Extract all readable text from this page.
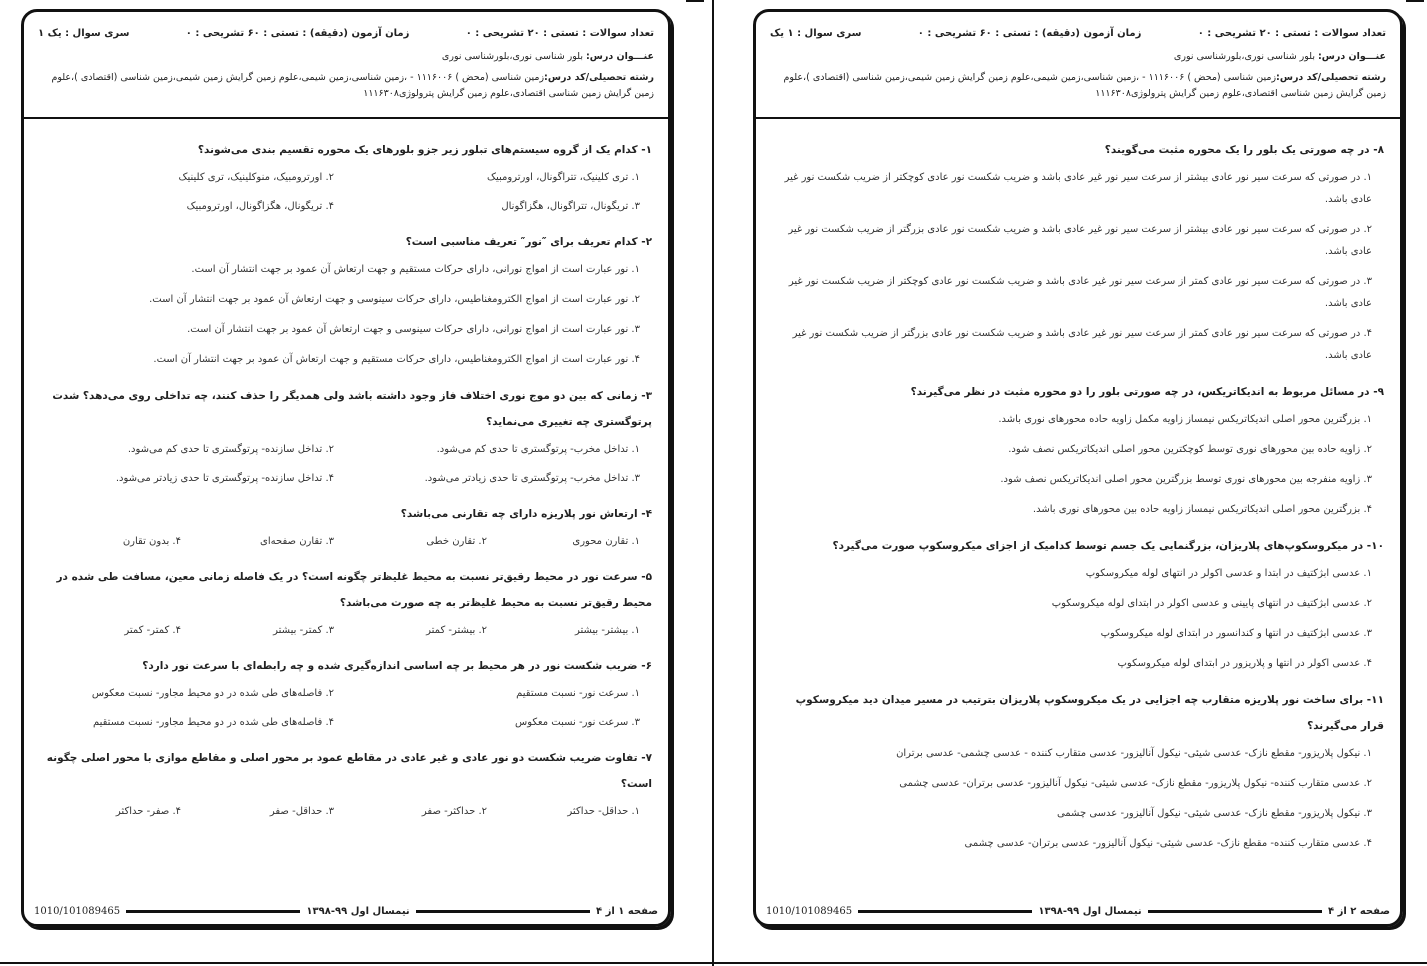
تعداد سوالات : تستی : ۲۰ تشریحی : ۰
زمان آزمون (دقیقه) : تستی : ۶۰ تشریحی : ۰
سری سوال : یک ۱
عنـــوان درس: بلور شناسی نوری،بلورشناسی نوری
رشته تحصیلی/کد درس:زمین شناسی (محض ) ۱۱۱۶۰۰۶ - ،زمین شناسی،زمین شیمی،علوم زمین گرایش زمین شیمی،زمین شناسی (اقتصادی )،علوم زمین گرایش زمین شناسی اقتصادی،علوم زمین گرایش پترولوژی۱۱۱۶۳۰۸
۱- کدام یک از گروه سیستم‌های تبلور زیر جزو بلورهای یک محوره تقسیم بندی می‌شوند؟
۱. تری کلینیک، تتراگونال، اورترومبیک
۲. اورترومبیک، منوکلینیک، تری کلینیک
۳. تریگونال، تتراگونال، هگزاگونال
۴. تریگونال، هگزاگونال، اورترومبیک
۲- کدام تعریف برای ″نور″ تعریف مناسبی است؟
۱. نور عبارت است از امواج نورانی، دارای حرکات مستقیم و جهت ارتعاش آن عمود بر جهت انتشار آن است.
۲. نور عبارت است از امواج الکترومغناطیس، دارای حرکات سینوسی و جهت ارتعاش آن عمود بر جهت انتشار آن است.
۳. نور عبارت است از امواج نورانی، دارای حرکات سینوسی و جهت ارتعاش آن عمود بر جهت انتشار آن است.
۴. نور عبارت است از امواج الکترومغناطیس، دارای حرکات مستقیم و جهت ارتعاش آن عمود بر جهت انتشار آن است.
۳- زمانی که بین دو موج نوری اختلاف فاز وجود داشته باشد ولی همدیگر را حذف کنند، چه تداخلی روی می‌دهد؟ شدت پرتوگستری چه تغییری می‌نماید؟
۱. تداخل مخرب- پرتوگستری تا حدی کم می‌شود.
۲. تداخل سازنده- پرتوگستری تا حدی کم می‌شود.
۳. تداخل مخرب- پرتوگستری تا حدی زیادتر می‌شود.
۴. تداخل سازنده- پرتوگستری تا حدی زیادتر می‌شود.
۴- ارتعاش نور پلاریزه دارای چه تقارنی می‌باشد؟
۱. تقارن محوری
۲. تقارن خطی
۳. تقارن صفحه‌ای
۴. بدون تقارن
۵- سرعت نور در محیط رقیق‌تر نسبت به محیط غلیظ‌تر چگونه است؟ در یک فاصله زمانی معین، مسافت طی شده در محیط رقیق‌تر نسبت به محیط غلیظ‌تر به چه صورت می‌باشد؟
۱. بیشتر- بیشتر
۲. بیشتر- کمتر
۳. کمتر- بیشتر
۴. کمتر- کمتر
۶- ضریب شکست نور در هر محیط بر چه اساسی اندازه‌گیری شده و چه رابطه‌ای با سرعت نور دارد؟
۱. سرعت نور- نسبت مستقیم
۲. فاصله‌های طی شده در دو محیط مجاور- نسبت معکوس
۳. سرعت نور- نسبت معکوس
۴. فاصله‌های طی شده در دو محیط مجاور- نسبت مستقیم
۷- تفاوت ضریب شکست دو نور عادی و غیر عادی در مقاطع عمود بر محور اصلی و مقاطع موازی با محور اصلی چگونه است؟
۱. حداقل- حداکثر
۲. حداکثر- صفر
۳. حداقل- صفر
۴. صفر- حداکثر
صفحه ۱ از ۴
نیمسال اول ۹۹-۱۳۹۸
1010/101089465
تعداد سوالات : تستی : ۲۰ تشریحی : ۰
زمان آزمون (دقیقه) : تستی : ۶۰ تشریحی : ۰
سری سوال : ۱ یک
عنـــوان درس: بلور شناسی نوری،بلورشناسی نوری
رشته تحصیلی/کد درس:زمین شناسی (محض ) ۱۱۱۶۰۰۶ - ،زمین شناسی،زمین شیمی،علوم زمین گرایش زمین شیمی،زمین شناسی (اقتصادی )،علوم زمین گرایش زمین شناسی اقتصادی،علوم زمین گرایش پترولوژی۱۱۱۶۳۰۸
۸- در چه صورتی یک بلور را یک محوره مثبت می‌گویند؟
۱. در صورتی که سرعت سیر نور عادی بیشتر از سرعت سیر نور غیر عادی باشد و ضریب شکست نور عادی کوچکتر از ضریب شکست نور غیر عادی باشد.
۲. در صورتی که سرعت سیر نور عادی بیشتر از سرعت سیر نور غیر عادی باشد و ضریب شکست نور عادی بزرگتر از ضریب شکست نور غیر عادی باشد.
۳. در صورتی که سرعت سیر نور عادی کمتر از سرعت سیر نور غیر عادی باشد و ضریب شکست نور عادی کوچکتر از ضریب شکست نور غیر عادی باشد.
۴. در صورتی که سرعت سیر نور عادی کمتر از سرعت سیر نور غیر عادی باشد و ضریب شکست نور عادی بزرگتر از ضریب شکست نور غیر عادی باشد.
۹- در مسائل مربوط به اندیکاتریکس، در چه صورتی بلور را دو محوره مثبت در نظر می‌گیرند؟
۱. بزرگترین محور اصلی اندیکاتریکس نیمساز زاویه مکمل زاویه حاده محورهای نوری باشد.
۲. زاویه حاده بین محورهای نوری توسط کوچکترین محور اصلی اندیکاتریکس نصف شود.
۳. زاویه منفرجه بین محورهای نوری توسط بزرگترین محور اصلی اندیکاتریکس نصف شود.
۴. بزرگترین محور اصلی اندیکاتریکس نیمساز زاویه حاده بین محورهای نوری باشد.
۱۰- در میکروسکوپ‌های پلاریزان، بزرگنمایی یک جسم توسط کدامیک از اجزای میکروسکوپ صورت می‌گیرد؟
۱. عدسی ابژکتیف در ابتدا و عدسی اکولر در انتهای لوله میکروسکوپ
۲. عدسی ابژکتیف در انتهای پایینی و عدسی اکولر در ابتدای لوله میکروسکوپ
۳. عدسی ابژکتیف در انتها و کندانسور در ابتدای لوله میکروسکوپ
۴. عدسی اکولر در انتها و پلاریزور در ابتدای لوله میکروسکوپ
۱۱- برای ساخت نور پلاریزه متقارب چه اجزایی در یک میکروسکوپ پلاریزان بترتیب در مسیر میدان دید میکروسکوپ قرار می‌گیرند؟
۱. نیکول پلاریزور- مقطع نازک- عدسی شیئی- نیکول آنالیزور- عدسی متقارب کننده - عدسی چشمی- عدسی برتران
۲. عدسی متقارب کننده- نیکول پلاریزور- مقطع نازک- عدسی شیئی- نیکول آنالیزور- عدسی برتران- عدسی چشمی
۳. نیکول پلاریزور- مقطع نازک- عدسی شیئی- نیکول آنالیزور- عدسی چشمی
۴. عدسی متقارب کننده- مقطع نازک- عدسی شیئی- نیکول آنالیزور- عدسی برتران- عدسی چشمی
صفحه ۲ از ۴
نیمسال اول ۹۹-۱۳۹۸
1010/101089465
